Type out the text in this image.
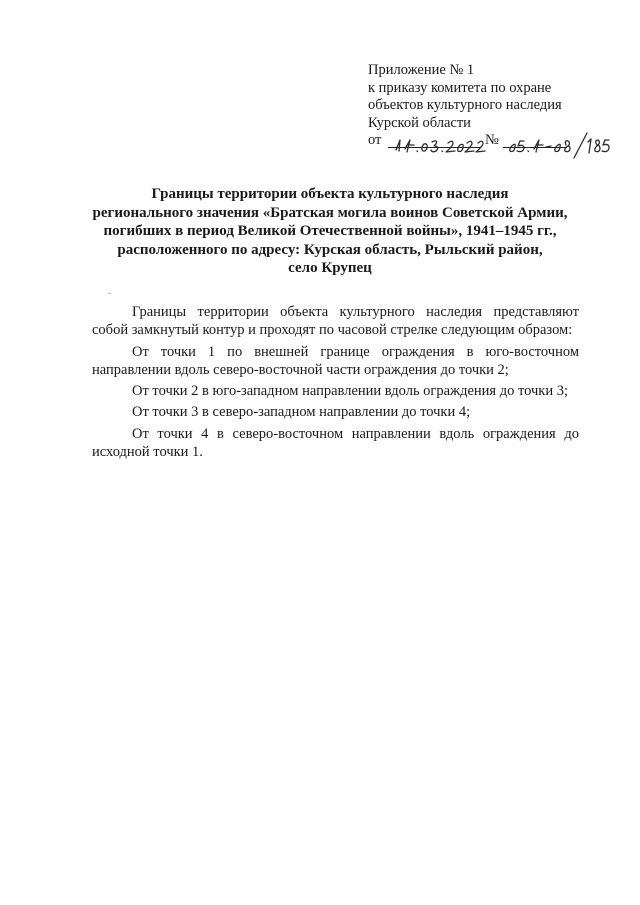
Приложение № 1
к приказу комитета по охране
объектов культурного наследия
Курской области
от	№
Границы территории объекта культурного наследия
регионального значения «Братская могила воинов Советской Армии,
погибших в период Великой Отечественной войны», 1941–1945 гг.,
расположенного по адресу: Курская область, Рыльский район,
село Крупец

Границы территории объекта культурного наследия представляют собой замкнутый контур и проходят по часовой стрелке следующим образом:

От точки 1 по внешней границе ограждения в юго-восточном направлении вдоль северо-восточной части ограждения до точки 2;

От точки 2 в юго-западном направлении вдоль ограждения до точки 3;

От точки 3 в северо-западном направлении до точки 4;

От точки 4 в северо-восточном направлении вдоль ограждения до исходной точки 1.
